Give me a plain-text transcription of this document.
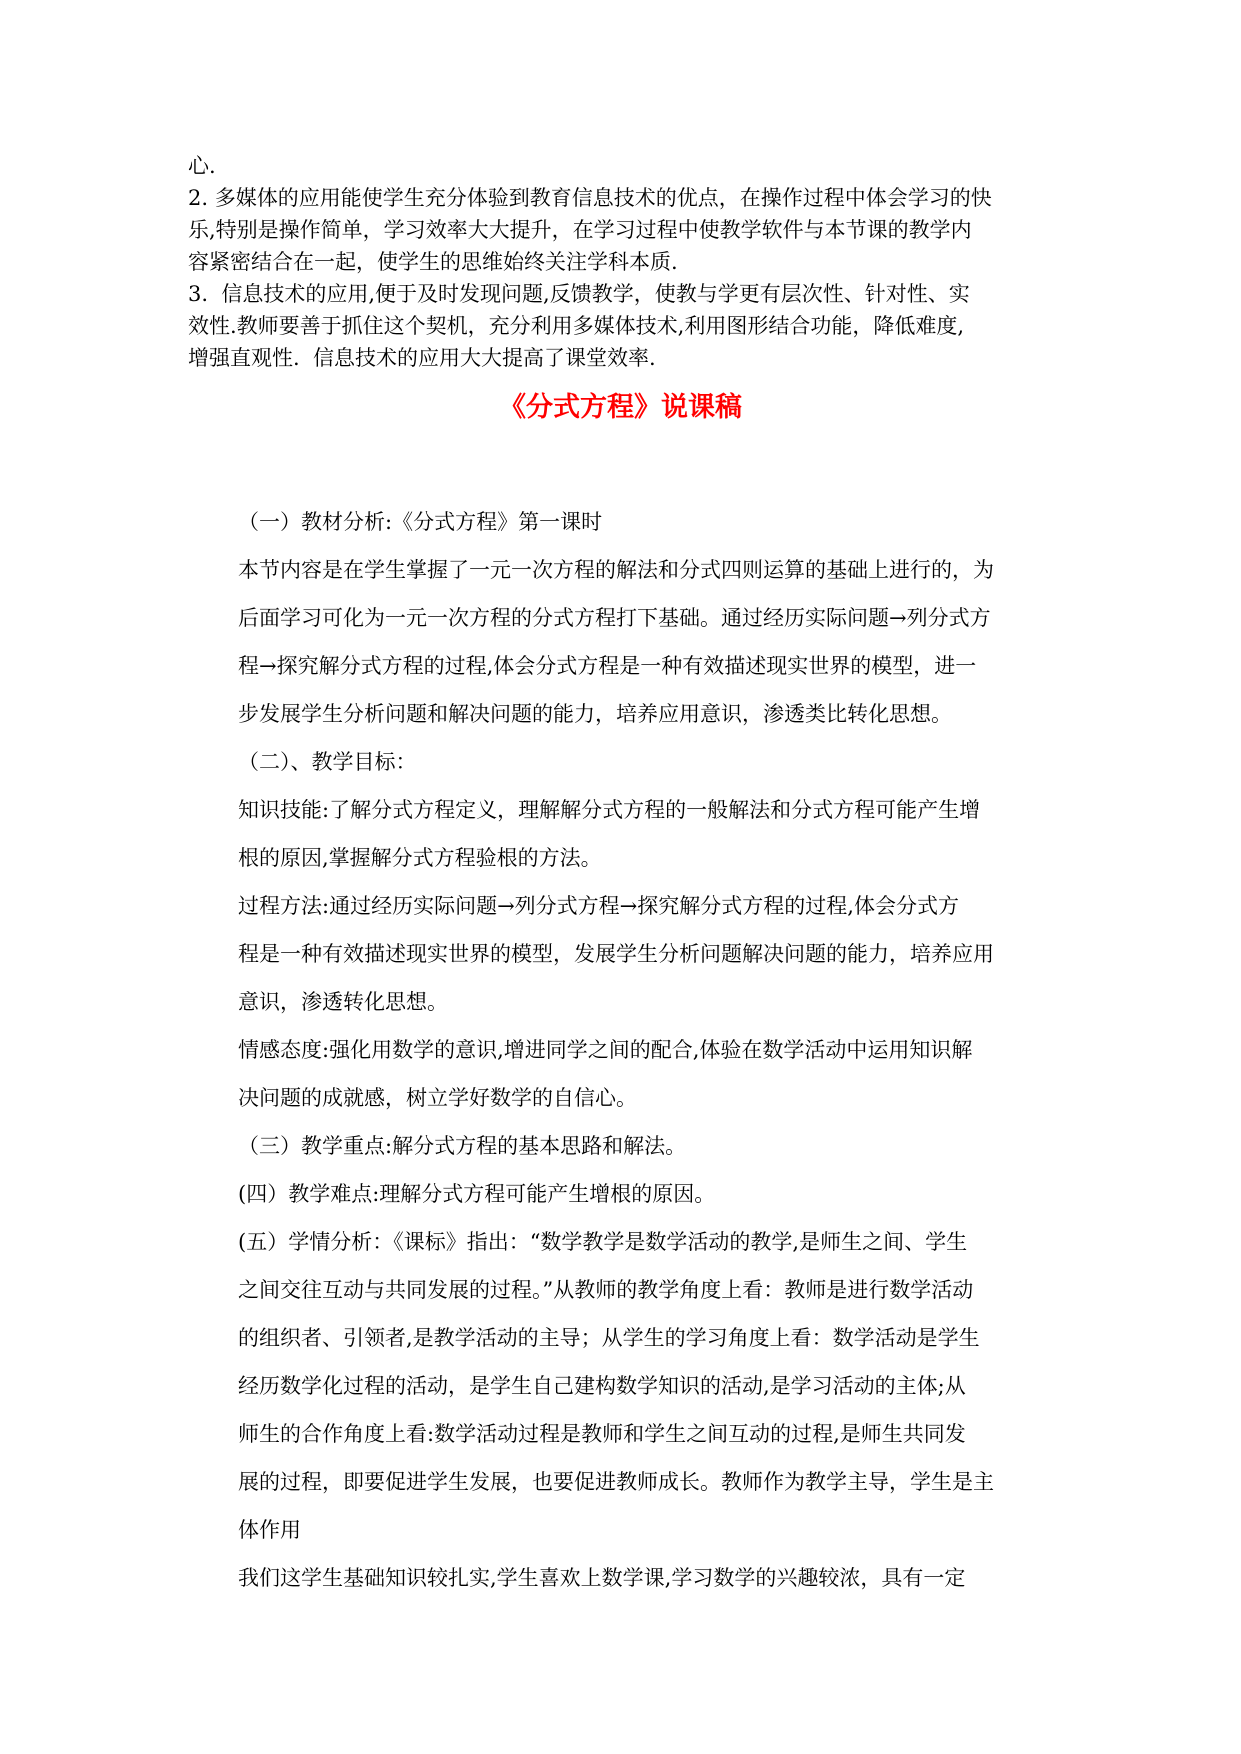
心.

2. 多媒体的应用能使学生充分体验到教育信息技术的优点，在操作过程中体会学习的快

乐,特别是操作简单，学习效率大大提升，在学习过程中使教学软件与本节课的教学内

容紧密结合在一起，使学生的思维始终关注学科本质.

3.  信息技术的应用,便于及时发现问题,反馈教学，使教与学更有层次性、针对性、实

效性.教师要善于抓住这个契机，充分利用多媒体技术,利用图形结合功能，降低难度,

增强直观性.  信息技术的应用大大提高了课堂效率.

《分式方程》说课稿

（一）教材分析:《分式方程》第一课时

本节内容是在学生掌握了一元一次方程的解法和分式四则运算的基础上进行的，为

后面学习可化为一元一次方程的分式方程打下基础。通过经历实际问题→列分式方

程→探究解分式方程的过程,体会分式方程是一种有效描述现实世界的模型，进一

步发展学生分析问题和解决问题的能力，培养应用意识，渗透类比转化思想。

（二）、教学目标：

知识技能:了解分式方程定义，理解解分式方程的一般解法和分式方程可能产生增

根的原因,掌握解分式方程验根的方法。

过程方法:通过经历实际问题→列分式方程→探究解分式方程的过程,体会分式方

程是一种有效描述现实世界的模型，发展学生分析问题解决问题的能力，培养应用

意识，渗透转化思想。

情感态度:强化用数学的意识,增进同学之间的配合,体验在数学活动中运用知识解

决问题的成就感，树立学好数学的自信心。

（三）教学重点:解分式方程的基本思路和解法。

(四）教学难点:理解分式方程可能产生增根的原因。

(五）学情分析：《课标》指出：“数学教学是数学活动的教学,是师生之间、学生

之间交往互动与共同发展的过程。”从教师的教学角度上看：教师是进行数学活动

的组织者、引领者,是教学活动的主导；从学生的学习角度上看：数学活动是学生

经历数学化过程的活动，是学生自己建构数学知识的活动,是学习活动的主体;从

师生的合作角度上看:数学活动过程是教师和学生之间互动的过程,是师生共同发

展的过程，即要促进学生发展，也要促进教师成长。教师作为教学主导，学生是主

体作用

我们这学生基础知识较扎实,学生喜欢上数学课,学习数学的兴趣较浓，具有一定
